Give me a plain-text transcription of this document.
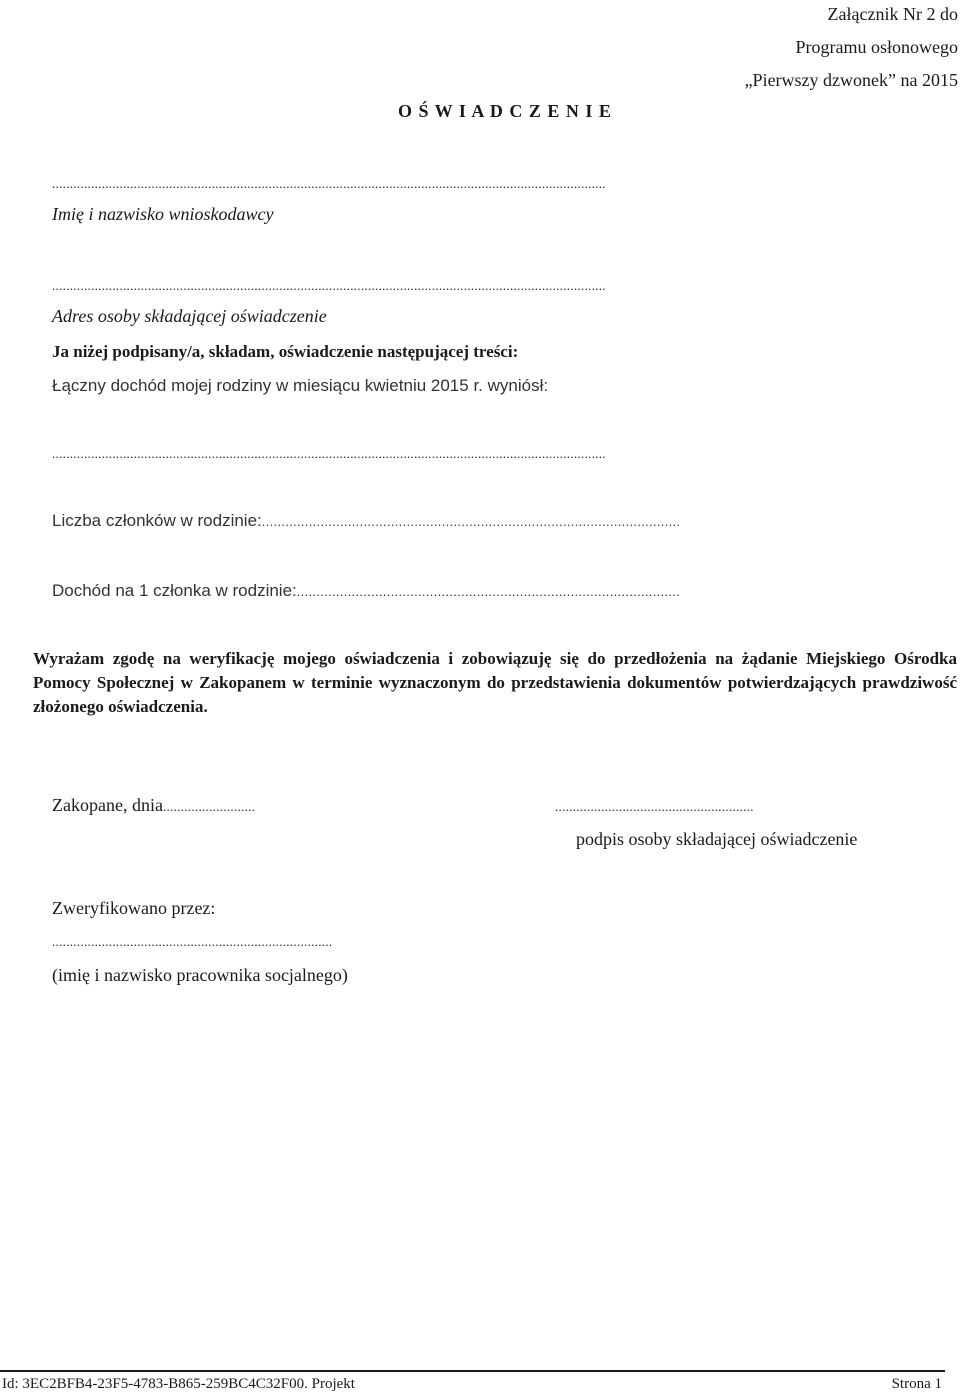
Załącznik Nr 2 do
Programu osłonowego
„Pierwszy dzwonek” na 2015
O Ś W I A D C Z E N I E
............................................................................................................................................................
Imię i nazwisko wnioskodawcy
............................................................................................................................................................
Adres osoby składającej oświadczenie
Ja niżej podpisany/a, składam, oświadczenie następującej treści:
Łączny dochód mojej rodziny w miesiącu kwietniu 2015 r. wyniósł:
............................................................................................................................................................
Liczba członków w rodzinie:...........................................................................................................
Dochód na 1 członka w rodzinie:..................................................................................................
Wyrażam zgodę na weryfikację mojego oświadczenia i zobowiązuję się do przedłożenia na żądanie Miejskiego Ośrodka Pomocy Społecznej w Zakopanem w terminie wyznaczonym do przedstawienia dokumentów potwierdzających prawdziwość złożonego oświadczenia.
Zakopane, dnia..........................	........................................................
podpis osoby składającej oświadczenie
Zweryfikowano przez:
...............................................................................
(imię i nazwisko pracownika socjalnego)
Id: 3EC2BFB4-23F5-4783-B865-259BC4C32F00. Projekt	Strona 1
